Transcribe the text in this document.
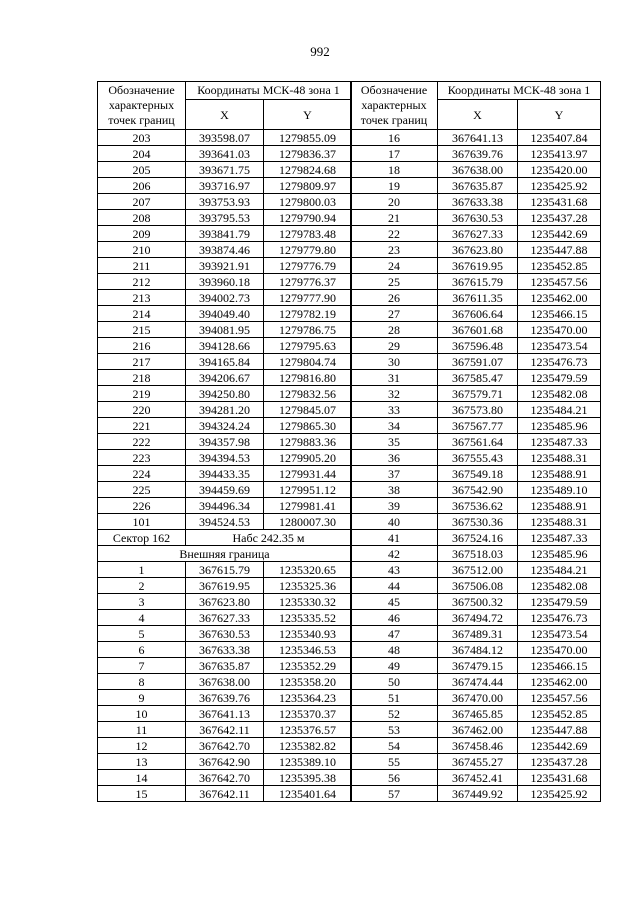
992
Обозначение характерных точек границ	Координаты МСК-48 зона 1	
	X	Y
203	393598.07	1279855.09
204	393641.03	1279836.37
205	393671.75	1279824.68
206	393716.97	1279809.97
207	393753.93	1279800.03
208	393795.53	1279790.94
209	393841.79	1279783.48
210	393874.46	1279779.80
211	393921.91	1279776.79
212	393960.18	1279776.37
213	394002.73	1279777.90
214	394049.40	1279782.19
215	394081.95	1279786.75
216	394128.66	1279795.63
217	394165.84	1279804.74
218	394206.67	1279816.80
219	394250.80	1279832.56
220	394281.20	1279845.07
221	394324.24	1279865.30
222	394357.98	1279883.36
223	394394.53	1279905.20
224	394433.35	1279931.44
225	394459.69	1279951.12
226	394496.34	1279981.41
101	394524.53	1280007.30
Сектор 162	Нaбс 242.35 м	
Внешняя граница		
1	367615.79	1235320.65
2	367619.95	1235325.36
3	367623.80	1235330.32
4	367627.33	1235335.52
5	367630.53	1235340.93
6	367633.38	1235346.53
7	367635.87	1235352.29
8	367638.00	1235358.20
9	367639.76	1235364.23
10	367641.13	1235370.37
11	367642.11	1235376.57
12	367642.70	1235382.82
13	367642.90	1235389.10
14	367642.70	1235395.38
15	367642.11	1235401.64
Обозначение характерных точек границ	Координаты МСК-48 зона 1	
	X	Y
16	367641.13	1235407.84
17	367639.76	1235413.97
18	367638.00	1235420.00
19	367635.87	1235425.92
20	367633.38	1235431.68
21	367630.53	1235437.28
22	367627.33	1235442.69
23	367623.80	1235447.88
24	367619.95	1235452.85
25	367615.79	1235457.56
26	367611.35	1235462.00
27	367606.64	1235466.15
28	367601.68	1235470.00
29	367596.48	1235473.54
30	367591.07	1235476.73
31	367585.47	1235479.59
32	367579.71	1235482.08
33	367573.80	1235484.21
34	367567.77	1235485.96
35	367561.64	1235487.33
36	367555.43	1235488.31
37	367549.18	1235488.91
38	367542.90	1235489.10
39	367536.62	1235488.91
40	367530.36	1235488.31
41	367524.16	1235487.33
42	367518.03	1235485.96
43	367512.00	1235484.21
44	367506.08	1235482.08
45	367500.32	1235479.59
46	367494.72	1235476.73
47	367489.31	1235473.54
48	367484.12	1235470.00
49	367479.15	1235466.15
50	367474.44	1235462.00
51	367470.00	1235457.56
52	367465.85	1235452.85
53	367462.00	1235447.88
54	367458.46	1235442.69
55	367455.27	1235437.28
56	367452.41	1235431.68
57	367449.92	1235425.92
